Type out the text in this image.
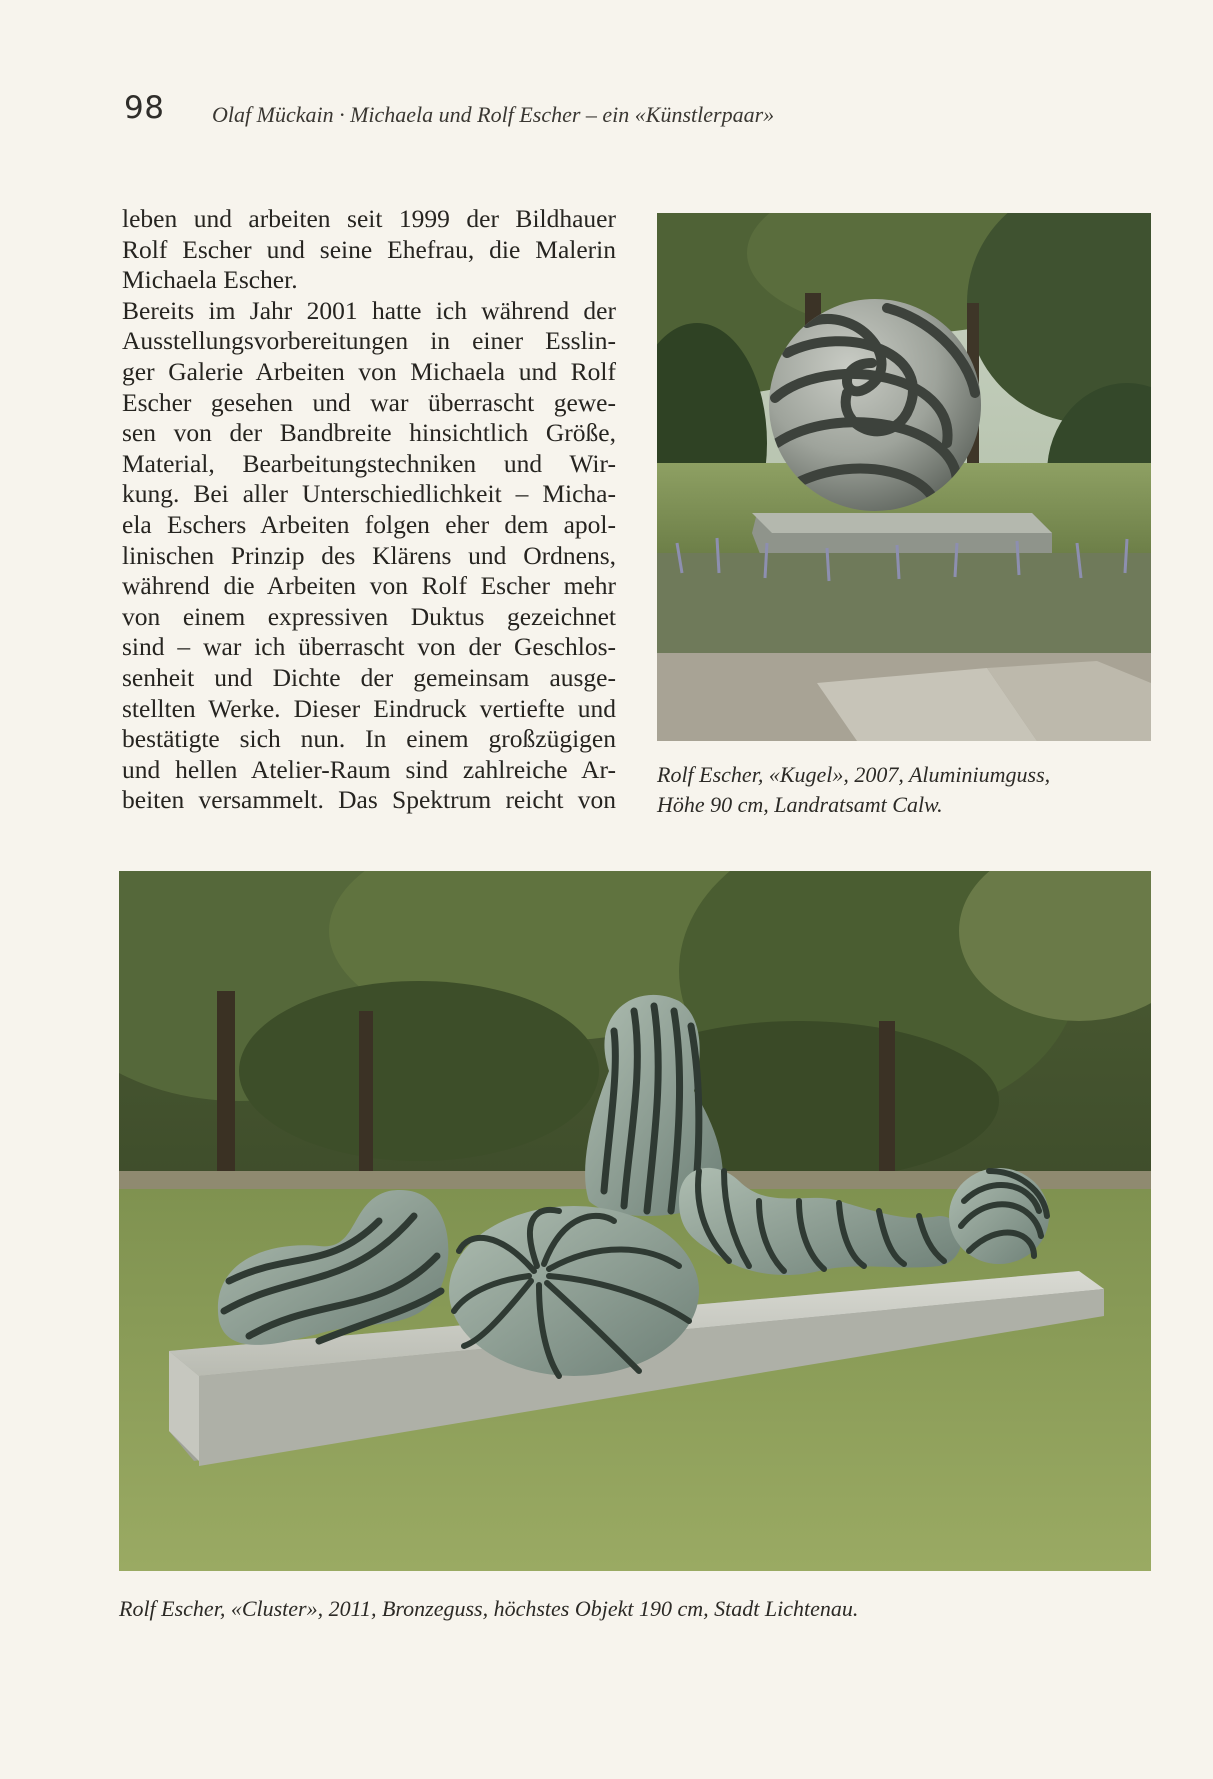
98 Olaf Mückain · Michaela und Rolf Escher – ein «Künstlerpaar»
leben und arbeiten seit 1999 der Bildhauer
Rolf Escher und seine Ehefrau, die Malerin
Michaela Escher.
Bereits im Jahr 2001 hatte ich während der
Ausstellungsvorbereitungen in einer Esslin-
ger Galerie Arbeiten von Michaela und Rolf
Escher gesehen und war überrascht gewe-
sen von der Bandbreite hinsichtlich Größe,
Material, Bearbeitungstechniken und Wir-
kung. Bei aller Unterschiedlichkeit – Micha-
ela Eschers Arbeiten folgen eher dem apol-
linischen Prinzip des Klärens und Ordnens,
während die Arbeiten von Rolf Escher mehr
von einem expressiven Duktus gezeichnet
sind – war ich überrascht von der Geschlos-
senheit und Dichte der gemeinsam ausge-
stellten Werke. Dieser Eindruck vertiefte und
bestätigte sich nun. In einem großzügigen
und hellen Atelier-Raum sind zahlreiche Ar-
beiten versammelt. Das Spektrum reicht von
Rolf Escher, «Kugel», 2007, Aluminiumguss,
Höhe 90 cm, Landratsamt Calw.
Rolf Escher, «Cluster», 2011, Bronzeguss, höchstes Objekt 190 cm, Stadt Lichtenau.
